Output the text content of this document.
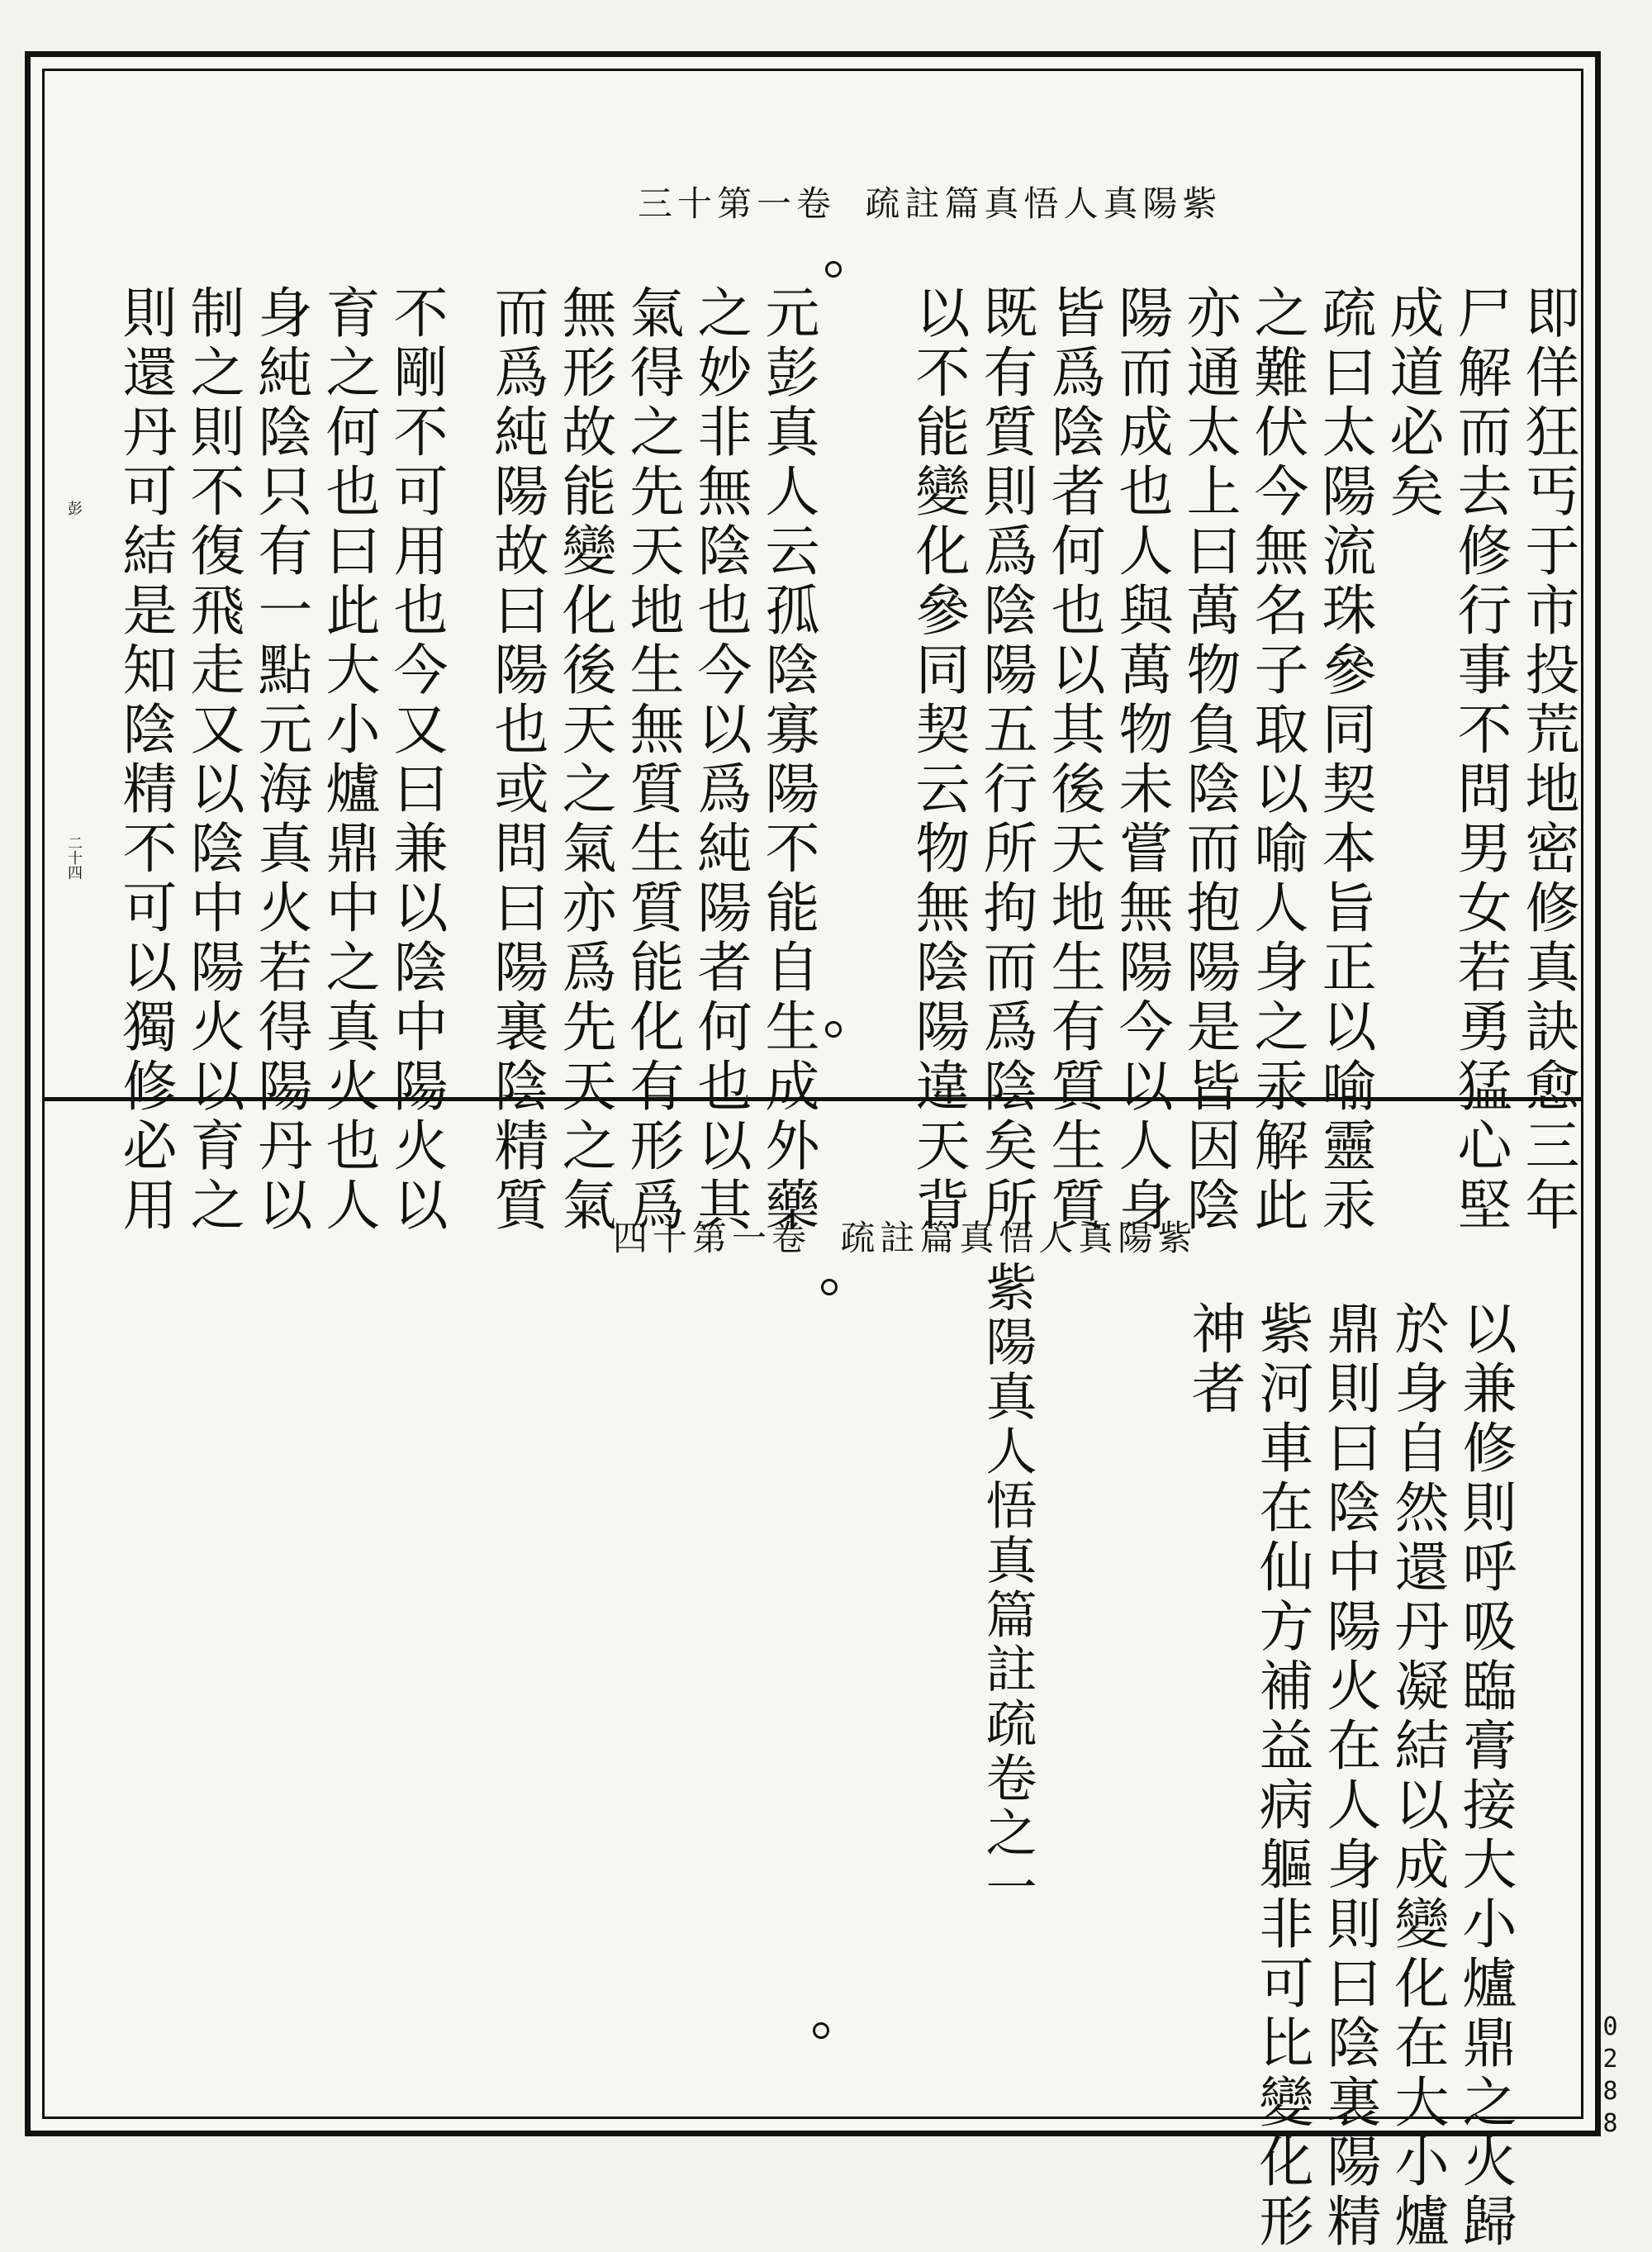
紫陽真人悟真篇註疏 卷一第十三
即佯狂丐于市投荒地密修真訣愈三年
尸解而去修行事不問男女若勇猛心堅
成道必矣
疏曰太陽流珠參同契本旨正以喻靈汞
之難伏今無名子取以喻人身之汞解此
亦通太上曰萬物負陰而抱陽是皆因陰
陽而成也人與萬物未嘗無陽今以人身
皆爲陰者何也以其後天地生有質生質
既有質則爲陰陽五行所拘而爲陰矣所
以不能變化參同契云物無陰陽違天背
元彭真人云孤陰寡陽不能自生成外藥
之妙非無陰也今以爲純陽者何也以其
氣得之先天地生無質生質能化有形爲
無形故能變化後天之氣亦爲先天之氣
而爲純陽故曰陽也或問曰陽裏陰精質
不剛不可用也今又曰兼以陰中陽火以
育之何也曰此大小爐鼎中之真火也人
身純陰只有一點元海真火若得陽丹以
制之則不復飛走又以陰中陽火以育之
則還丹可結是知陰精不可以獨修必用
彭
二十四
紫陽真人悟真篇註疏 卷一第十四
以兼修則呼吸臨膏接大小爐鼎之火歸
於身自然還丹凝結以成變化在大小爐
鼎則曰陰中陽火在人身則曰陰裏陽精
紫河車在仙方補益病軀非可比變化形
神者
紫陽真人悟真篇註疏卷之一
0288
